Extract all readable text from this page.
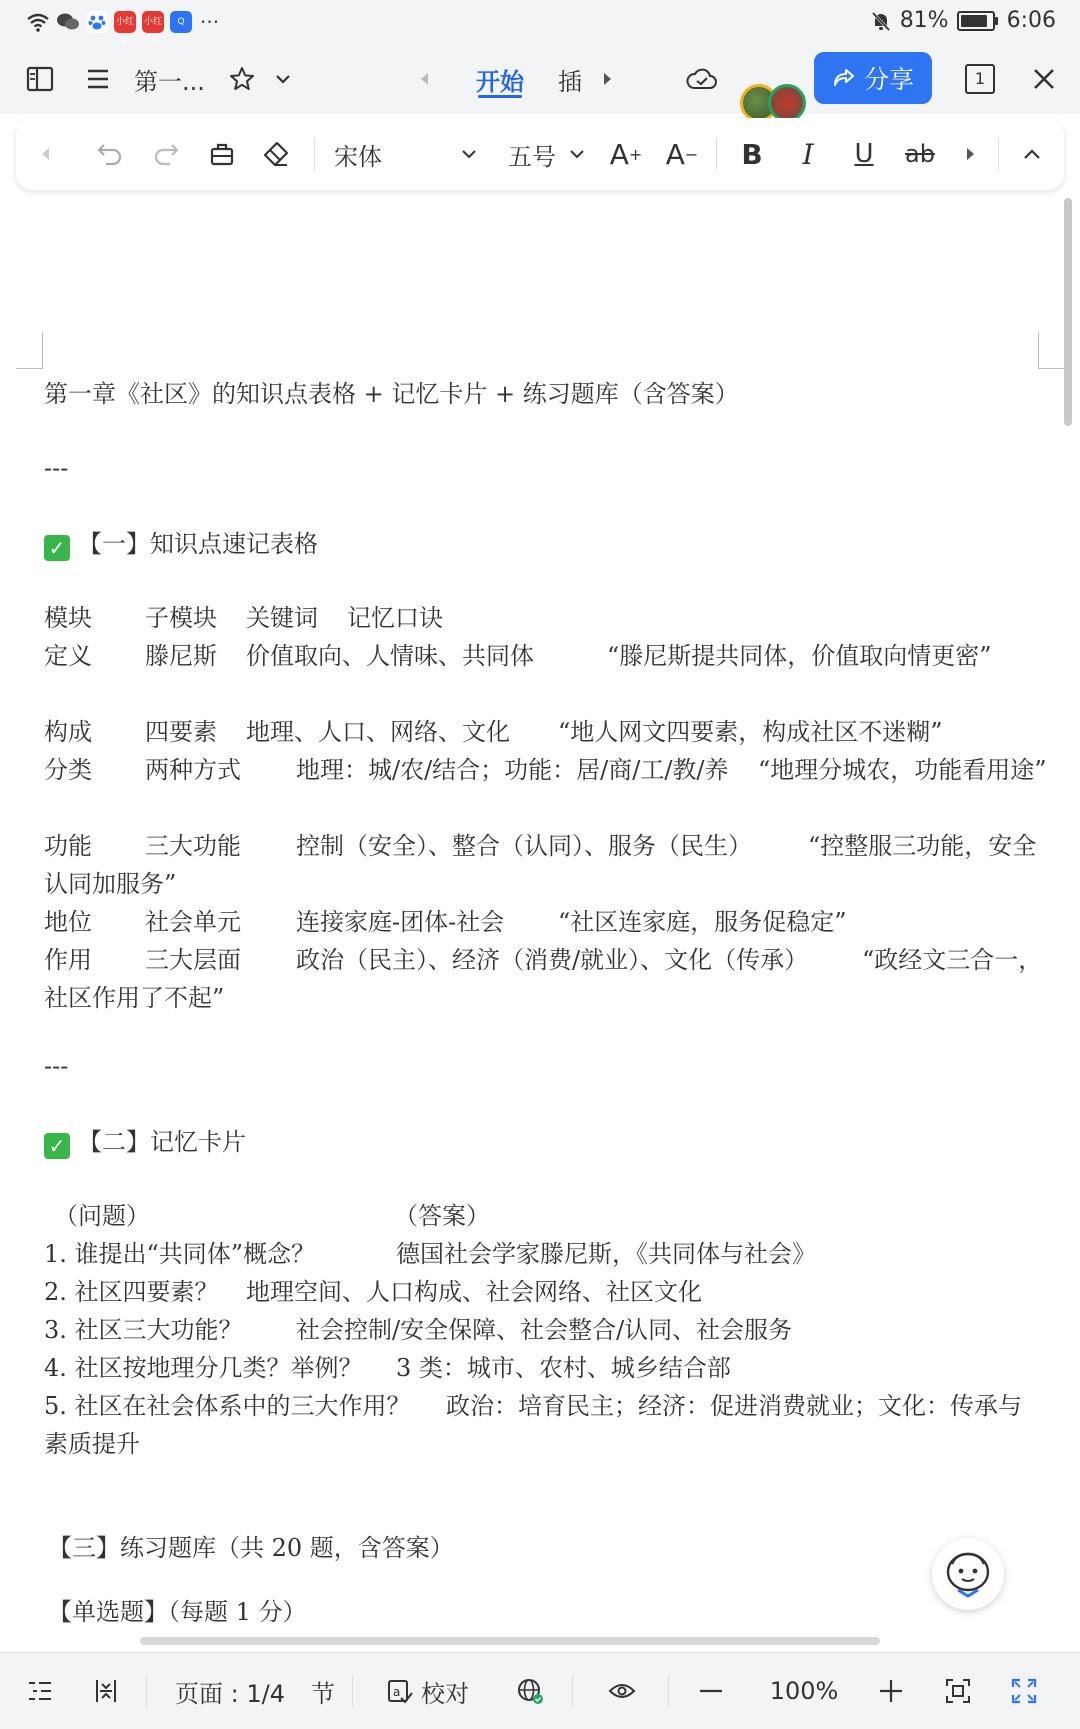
小红 小红	Q ···	81%	6:06
第一...	开始 插	分享	1
宋体	五号 A + A −	B	I	U	ab
第一章《社区》的知识点表格 + 记忆卡片 + 练习题库（含答案）
---
✓ 【一】知识点速记表格
模块 子模块 关键词 记忆口诀
定义 滕尼斯 价值取向、人情味、共同体	“滕尼斯提共同体，价值取向情更密”
构成 四要素 地理、人口、网络、文化 “地人网文四要素，构成社区不迷糊”
分类 两种方式 地理：城/农/结合；功能：居/商/工/教/养 “地理分城农，功能看用途”
功能 三大功能 控制（安全）、整合（认同）、服务（民生） “控整服三功能，安全
认同加服务”
地位 社会单元 连接家庭-团体-社会 “社区连家庭，服务促稳定”
作用 三大层面 政治（民主）、经济（消费/就业）、文化（传承） “政经文三合一，
社区作用了不起”
---
✓ 【二】记忆卡片
（问题）	（答案）
1. 谁提出“共同体”概念？	德国社会学家滕尼斯，《共同体与社会》
2. 社区四要素？ 地理空间、人口构成、社会网络、社区文化
3. 社区三大功能？ 社会控制/安全保障、社会整合/认同、社会服务
4. 社区按地理分几类？举例？ 3 类：城市、农村、城乡结合部
5. 社区在社会体系中的三大作用？ 政治：培育民主；经济：促进消费就业；文化：传承与
素质提升
【三】练习题库（共 20 题，含答案）
【单选题】（每题 1 分）
页面 : 1/4 节	a 校对	100%
